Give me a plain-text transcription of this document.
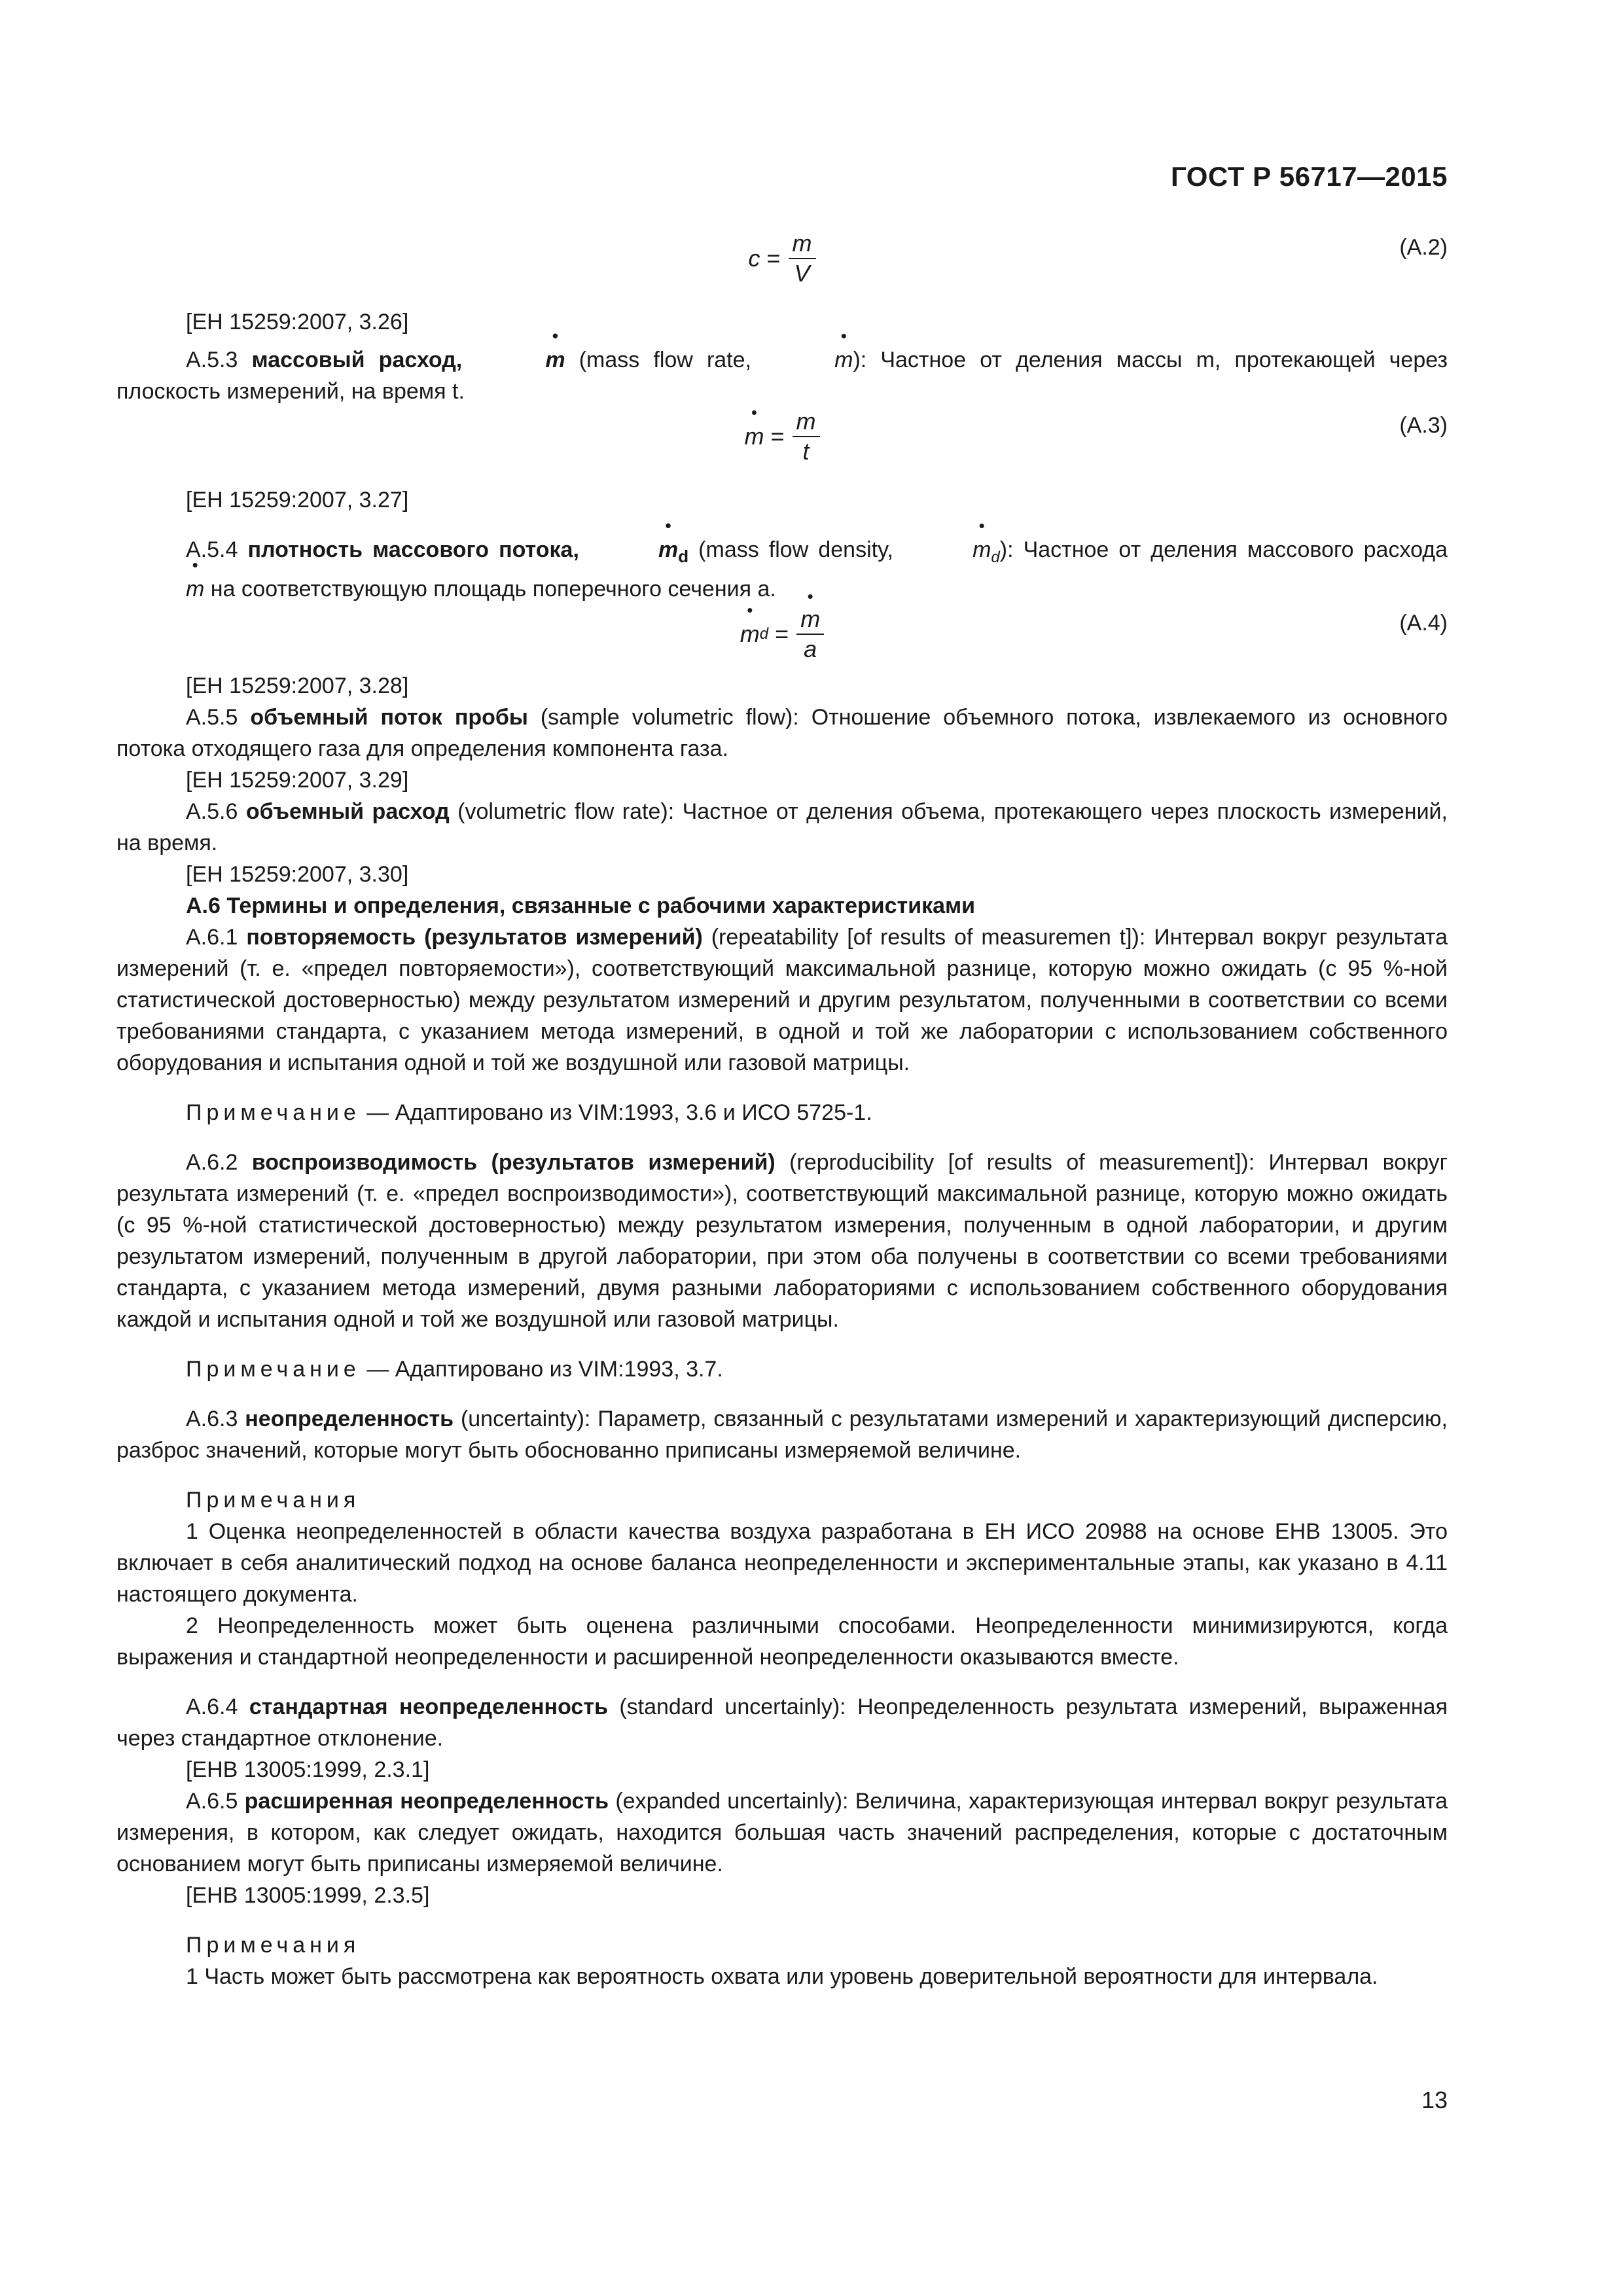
ГОСТ Р 56717—2015
$c = \frac{m}{V}$	(A.2)

[EH 15259:2007, 3.26]

A.5.3 массовый расход,	• m (mass flow rate,	• m): Частное от деления массы m, протекающей через плоскость измерений, на время t.

• $m = \frac{m}{t}$	(A.3)

[EH 15259:2007, 3.27]

A.5.4 плотность массового потока,	• $m_d$ (mass flow density,	• $m_d$): Частное от деления массового расхода • m на соответствующую площадь поперечного сечения a.

• m d = • $\frac{m}{a}$	(A.4)

[EH 15259:2007, 3.28]

A.5.5 объемный поток пробы (sample volumetric flow): Отношение объемного потока, извлекаемого из основного потока отходящего газа для определения компонента газа.

[EH 15259:2007, 3.29]

A.5.6 объемный расход (volumetric flow rate): Частное от деления объема, протекающего через плоскость измерений, на время.

[EH 15259:2007, 3.30]

A.6 Термины и определения, связанные с рабочими характеристиками

A.6.1 повторяемость (результатов измерений) (repeatability [of results of measuremen t]): Интервал вокруг результата измерений (т. е. «предел повторяемости»), соответствующий максимальной разнице, которую можно ожидать (с 95 %-ной статистической достоверностью) между результатом измерений и другим результатом, полученными в соответствии со всеми требованиями стандарта, с указанием метода измерений, в одной и той же лаборатории с использованием собственного оборудования и испытания одной и той же воздушной или газовой матрицы.

Примечание — Адаптировано из VIM:1993, 3.6 и ИСО 5725-1.

A.6.2 воспроизводимость (результатов измерений) (reproducibility [of results of measurement]): Интервал вокруг результата измерений (т. е. «предел воспроизводимости»), соответствующий максимальной разнице, которую можно ожидать (с 95 %-ной статистической достоверностью) между результатом измерения, полученным в одной лаборатории, и другим результатом измерений, полученным в другой лаборатории, при этом оба получены в соответствии со всеми требованиями стандарта, с указанием метода измерений, двумя разными лабораториями с использованием собственного оборудования каждой и испытания одной и той же воздушной или газовой матрицы.

Примечание — Адаптировано из VIM:1993, 3.7.

A.6.3 неопределенность (uncertainty): Параметр, связанный с результатами измерений и характеризующий дисперсию, разброс значений, которые могут быть обоснованно приписаны измеряемой величине.

Примечания

1 Оценка неопределенностей в области качества воздуха разработана в EH ИСО 20988 на основе EHB 13005. Это включает в себя аналитический подход на основе баланса неопределенности и экспериментальные этапы, как указано в 4.11 настоящего документа.

2 Неопределенность может быть оценена различными способами. Неопределенности минимизируются, когда выражения и стандартной неопределенности и расширенной неопределенности оказываются вместе.

A.6.4 стандартная неопределенность (standard uncertainly): Неопределенность результата измерений, выраженная через стандартное отклонение.

[EHB 13005:1999, 2.3.1]

A.6.5 расширенная неопределенность (expanded uncertainly): Величина, характеризующая интервал вокруг результата измерения, в котором, как следует ожидать, находится большая часть значений распределения, которые с достаточным основанием могут быть приписаны измеряемой величине.

[EHB 13005:1999, 2.3.5]

Примечания

1 Часть может быть рассмотрена как вероятность охвата или уровень доверительной вероятности для интервала.

13
